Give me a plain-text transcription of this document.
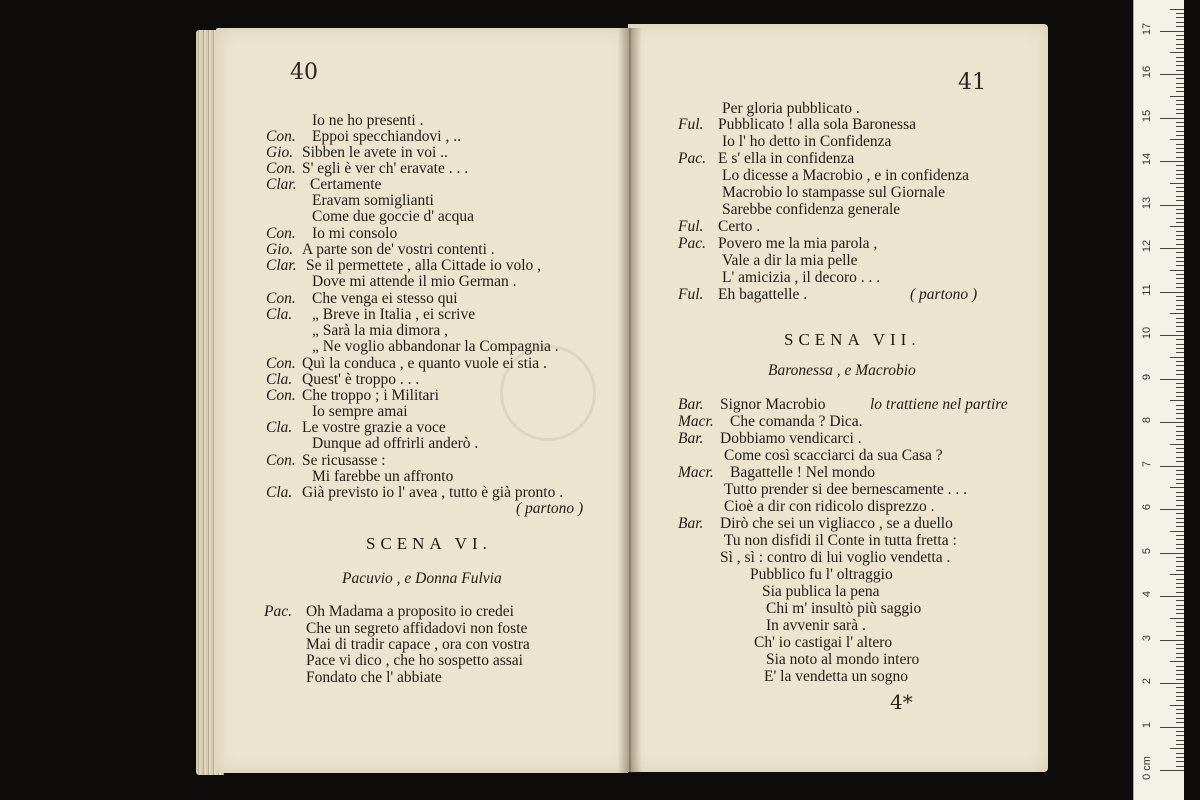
40
Io ne ho presenti .
Con. Eppoi specchiandovi , ..
Gio. Sibben le avete in voi ..
Con. S' egli è ver ch' eravate . . .
Clar. Certamente
Eravam somiglianti
Come due goccie d' acqua
Con. Io mi consolo
Gio. A parte son de' vostri contenti .
Clar. Se il permettete , alla Cittade io volo ,
Dove mi attende il mio German .
Con. Che venga ei stesso qui
Cla. „ Breve in Italia , ei scrive
„ Sarà la mia dimora ,
„ Ne voglio abbandonar la Compagnia .
Con. Quì la conduca , e quanto vuole ei stia .
Cla. Quest' è troppo . . .
Con. Che troppo ; i Militari
Io sempre amai
Cla. Le vostre grazie a voce
Dunque ad offrirli anderò .
Con. Se ricusasse :
Mi farebbe un affronto
Cla. Già previsto io l' avea , tutto è già pronto .
( partono )
SCENA VI.
Pacuvio , e Donna Fulvia
Pac. Oh Madama a proposito io credei
Che un segreto affidadovi non foste
Mai di tradir capace , ora con vostra
Pace vi dico , che ho sospetto assai
Fondato che l' abbiate
41
Per gloria pubblicato .
Ful. Pubblicato ! alla sola Baronessa
Io l' ho detto in Confidenza
Pac. E s' ella in confidenza
Lo dicesse a Macrobio , e in confidenza
Macrobio lo stampasse sul Giornale
Sarebbe confidenza generale
Ful. Certo .
Pac. Povero me la mia parola ,
Vale a dir la mia pelle
L' amicizia , il decoro . . .
Ful. Eh bagattelle .	( partono )
SCENA VII.
Baronessa , e Macrobio
Bar. Signor Macrobio	lo trattiene nel partire
Macr. Che comanda ? Dica.
Bar. Dobbiamo vendicarci .
Come così scacciarci da sua Casa ?
Macr. Bagattelle ! Nel mondo
Tutto prender si dee bernescamente . . .
Cioè a dir con ridicolo disprezzo .
Bar. Dirò che sei un vigliacco , se a duello
Tu non disfidi il Conte in tutta fretta :
Sì , sì : contro di lui voglio vendetta .
Pubblico fu l' oltraggio
Sia publica la pena
Chi m' insultò più saggio
In avvenir sarà .
Ch' io castigai l' altero
Sia noto al mondo intero
E' la vendetta un sogno
4*
0 cm
1
2
3
4
5
6
7
8
9
10
11
12
13
14
15
16
17
